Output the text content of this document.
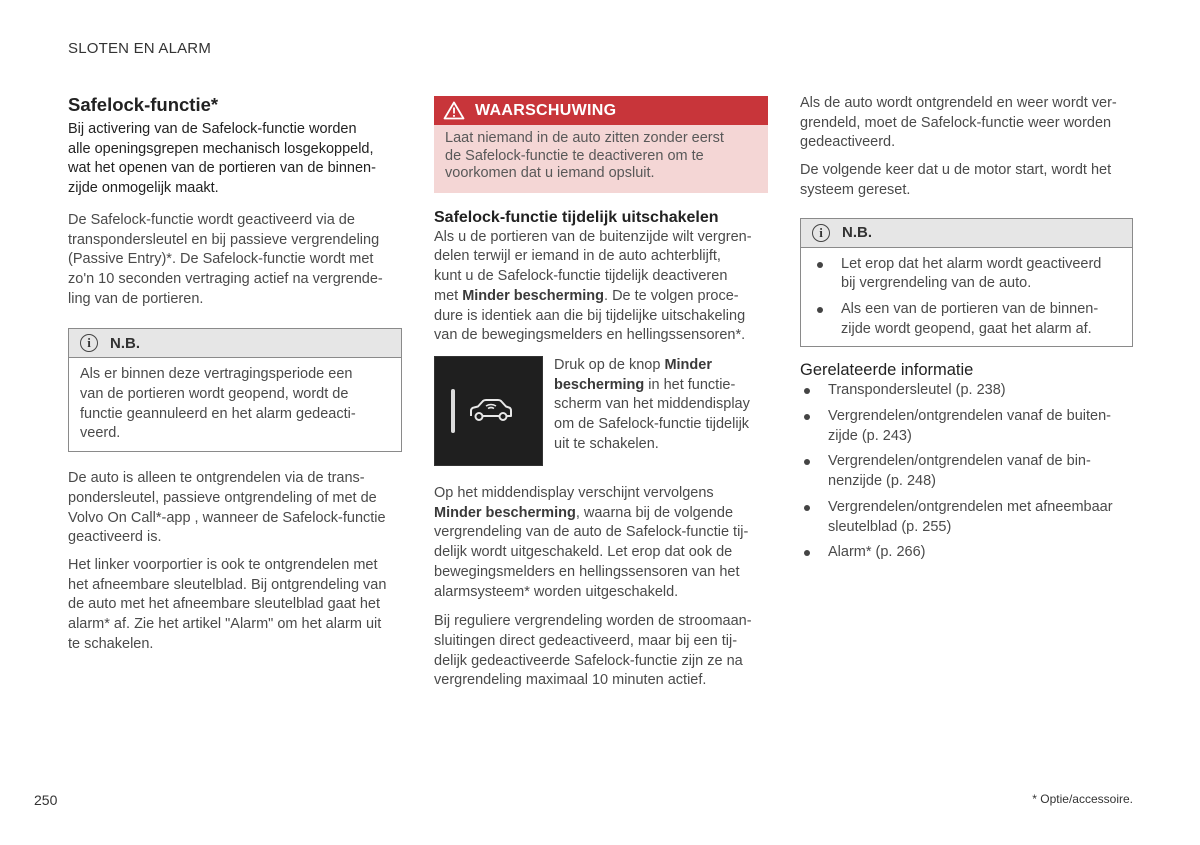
SLOTEN EN ALARM
Safelock-functie*
Bij activering van de Safelock-functie worden
alle openingsgrepen mechanisch losgekoppeld,
wat het openen van de portieren van de binnen-
zijde onmogelijk maakt.
De Safelock-functie wordt geactiveerd via de
transpondersleutel en bij passieve vergrendeling
(Passive Entry)*. De Safelock-functie wordt met
zo'n 10 seconden vertraging actief na vergrende-
ling van de portieren.
i	N.B.
Als er binnen deze vertragingsperiode een
van de portieren wordt geopend, wordt de
functie geannuleerd en het alarm gedeacti-
veerd.
De auto is alleen te ontgrendelen via de trans-
pondersleutel, passieve ontgrendeling of met de
Volvo On Call*-app , wanneer de Safelock-functie
geactiveerd is.
Het linker voorportier is ook te ontgrendelen met
het afneembare sleutelblad. Bij ontgrendeling van
de auto met het afneembare sleutelblad gaat het
alarm* af. Zie het artikel "Alarm" om het alarm uit
te schakelen.
WAARSCHUWING
Laat niemand in de auto zitten zonder eerst
de Safelock-functie te deactiveren om te
voorkomen dat u iemand opsluit.
Safelock-functie tijdelijk uitschakelen
Als u de portieren van de buitenzijde wilt vergren-
delen terwijl er iemand in de auto achterblijft,
kunt u de Safelock-functie tijdelijk deactiveren
met Minder bescherming. De te volgen proce-
dure is identiek aan die bij tijdelijke uitschakeling
van de bewegingsmelders en hellingssensoren*.
Druk op de knop Minder
bescherming in het functie-
scherm van het middendisplay
om de Safelock-functie tijdelijk
uit te schakelen.
Op het middendisplay verschijnt vervolgens
Minder bescherming, waarna bij de volgende
vergrendeling van de auto de Safelock-functie tij-
delijk wordt uitgeschakeld. Let erop dat ook de
bewegingsmelders en hellingssensoren van het
alarmsysteem* worden uitgeschakeld.
Bij reguliere vergrendeling worden de stroomaan-
sluitingen direct gedeactiveerd, maar bij een tij-
delijk gedeactiveerde Safelock-functie zijn ze na
vergrendeling maximaal 10 minuten actief.
Als de auto wordt ontgrendeld en weer wordt ver-
grendeld, moet de Safelock-functie weer worden
gedeactiveerd.
De volgende keer dat u de motor start, wordt het
systeem gereset.
i	N.B.
Let erop dat het alarm wordt geactiveerd
bij vergrendeling van de auto.
Als een van de portieren van de binnen-
zijde wordt geopend, gaat het alarm af.
Gerelateerde informatie
Transpondersleutel (p. 238)
Vergrendelen/ontgrendelen vanaf de buiten-
zijde (p. 243)
Vergrendelen/ontgrendelen vanaf de bin-
nenzijde (p. 248)
Vergrendelen/ontgrendelen met afneembaar
sleutelblad (p. 255)
Alarm* (p. 266)
250	* Optie/accessoire.
